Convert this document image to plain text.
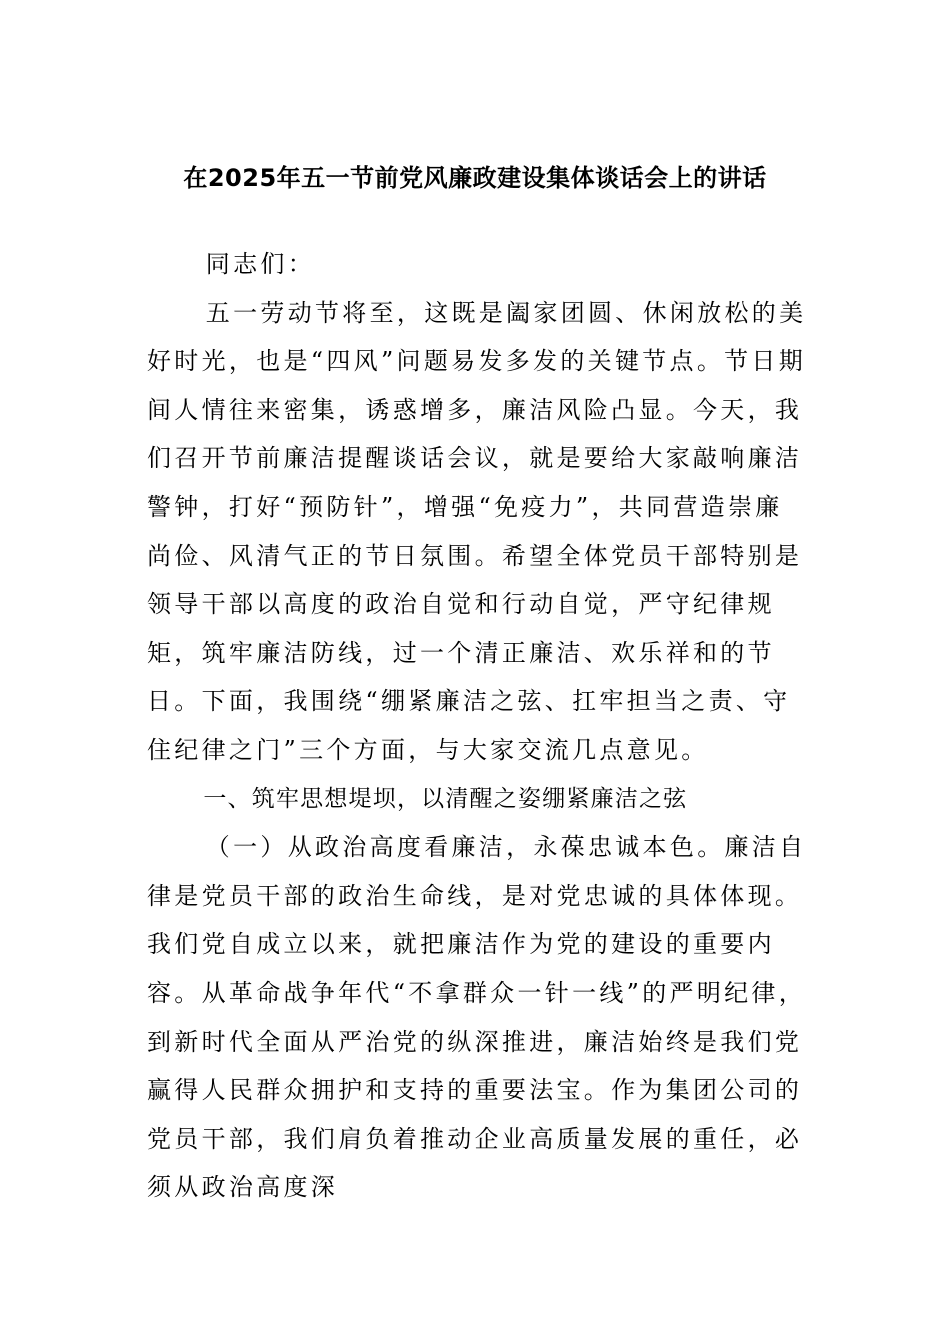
在2025年五一节前党风廉政建设集体谈话会上的讲话

同志们：

五一劳动节将至，这既是阖家团圆、休闲放松的美好时光，也是“四风”问题易发多发的关键节点。节日期间人情往来密集，诱惑增多，廉洁风险凸显。今天，我们召开节前廉洁提醒谈话会议，就是要给大家敲响廉洁警钟，打好“预防针”，增强“免疫力”，共同营造崇廉尚俭、风清气正的节日氛围。希望全体党员干部特别是领导干部以高度的政治自觉和行动自觉，严守纪律规矩，筑牢廉洁防线，过一个清正廉洁、欢乐祥和的节日。下面，我围绕“绷紧廉洁之弦、扛牢担当之责、守住纪律之门”三个方面，与大家交流几点意见。

一、筑牢思想堤坝，以清醒之姿绷紧廉洁之弦

（一）从政治高度看廉洁，永葆忠诚本色。廉洁自律是党员干部的政治生命线，是对党忠诚的具体体现。我们党自成立以来，就把廉洁作为党的建设的重要内容。从革命战争年代“不拿群众一针一线”的严明纪律，到新时代全面从严治党的纵深推进，廉洁始终是我们党赢得人民群众拥护和支持的重要法宝。作为集团公司的党员干部，我们肩负着推动企业高质量发展的重任，必须从政治高度深
